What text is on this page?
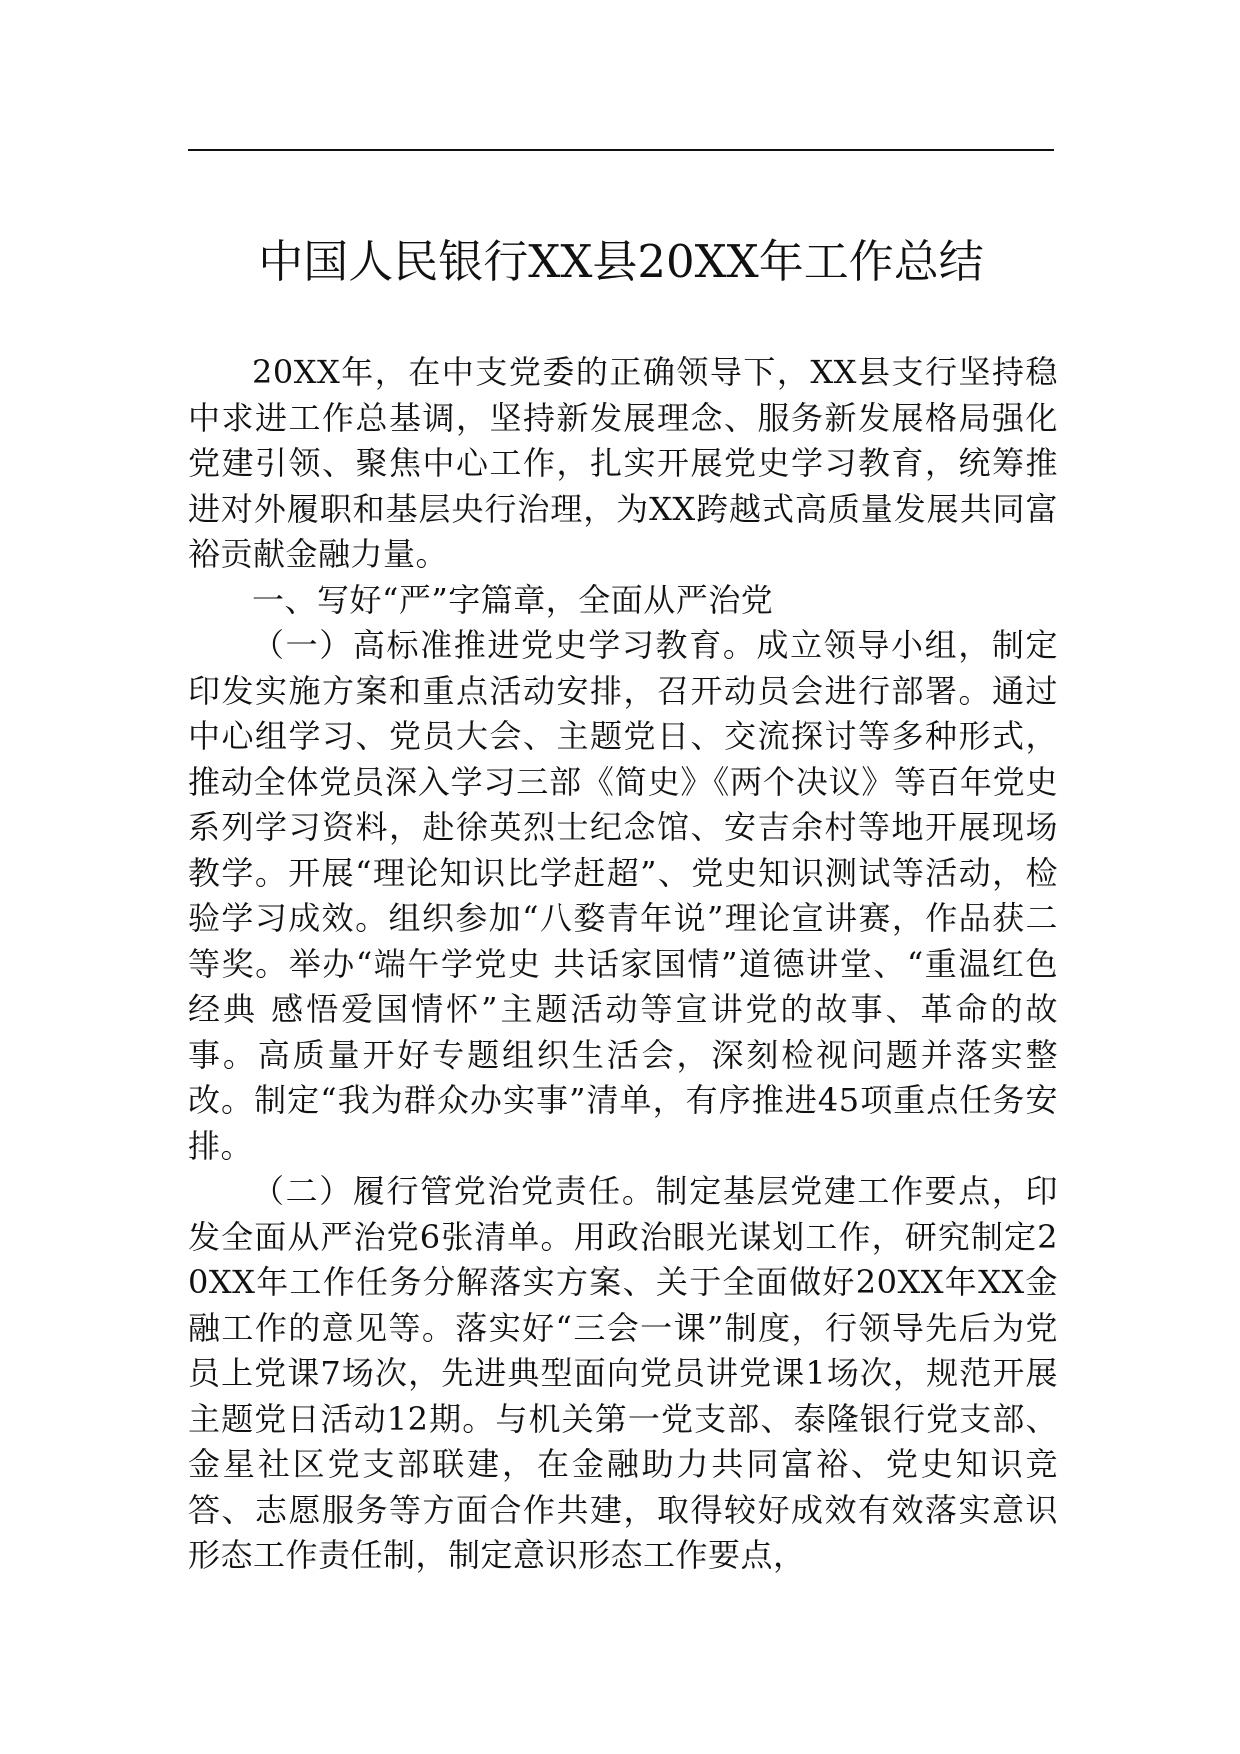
中国人民银行XX县20XX年工作总结

20XX年，在中支党委的正确领导下，XX县支行坚持稳中求进工作总基调，坚持新发展理念、服务新发展格局强化党建引领、聚焦中心工作，扎实开展党史学习教育，统筹推进对外履职和基层央行治理，为XX跨越式高质量发展共同富裕贡献金融力量。

一、写好“严”字篇章，全面从严治党

（一）高标准推进党史学习教育。成立领导小组，制定印发实施方案和重点活动安排，召开动员会进行部署。通过中心组学习、党员大会、主题党日、交流探讨等多种形式，推动全体党员深入学习三部《简史》《两个决议》等百年党史系列学习资料，赴徐英烈士纪念馆、安吉余村等地开展现场教学。开展“理论知识比学赶超”、党史知识测试等活动，检验学习成效。组织参加“八婺青年说”理论宣讲赛，作品获二等奖。举办“端午学党史 共话家国情”道德讲堂、“重温红色经典 感悟爱国情怀”主题活动等宣讲党的故事、革命的故事。高质量开好专题组织生活会，深刻检视问题并落实整改。制定“我为群众办实事”清单，有序推进45项重点任务安排。

（二）履行管党治党责任。制定基层党建工作要点，印发全面从严治党6张清单。用政治眼光谋划工作，研究制定20XX年工作任务分解落实方案、关于全面做好20XX年XX金融工作的意见等。落实好“三会一课”制度，行领导先后为党员上党课7场次，先进典型面向党员讲党课1场次，规范开展主题党日活动12期。与机关第一党支部、泰隆银行党支部、金星社区党支部联建，在金融助力共同富裕、党史知识竞答、志愿服务等方面合作共建，取得较好成效有效落实意识形态工作责任制，制定意识形态工作要点，
